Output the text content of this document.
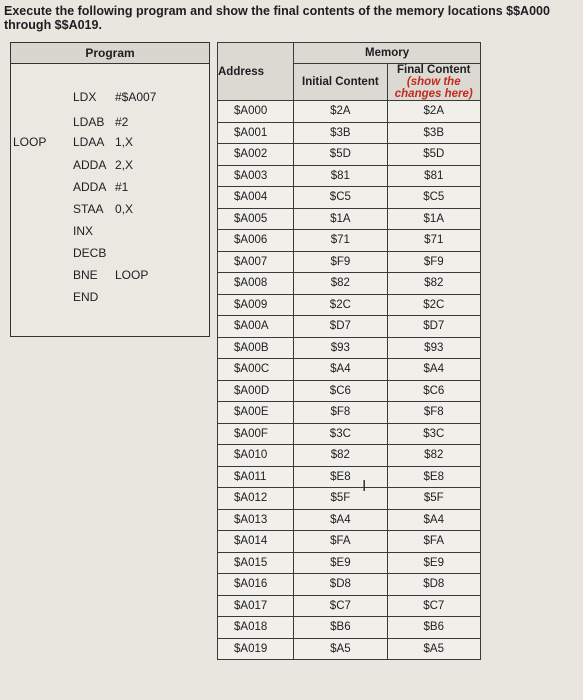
Execute the following program and show the final contents of the memory locations $$A000 through $$A019.
Program
LDX #$A007
LDAB #2
LOOP LDAA 1,X
ADDA 2,X
ADDA #1
STAA 0,X
INX
DECB
BNE LOOP
END
Address	Memory	
	Initial Content	Final Content
(show the changes here)

$A000	$2A	$2A
$A001	$3B	$3B
$A002	$5D	$5D
$A003	$81	$81
$A004	$C5	$C5
$A005	$1A	$1A
$A006	$71	$71
$A007	$F9	$F9
$A008	$82	$82
$A009	$2C	$2C
$A00A	$D7	$D7
$A00B	$93	$93
$A00C	$A4	$A4
$A00D	$C6	$C6
$A00E	$F8	$F8
$A00F	$3C	$3C
$A010	$82	$82
$A011	$E8	$E8
$A012	$5F	$5F
$A013	$A4	$A4
$A014	$FA	$FA
$A015	$E9	$E9
$A016	$D8	$D8
$A017	$C7	$C7
$A018	$B6	$B6
$A019	$A5	$A5
I
